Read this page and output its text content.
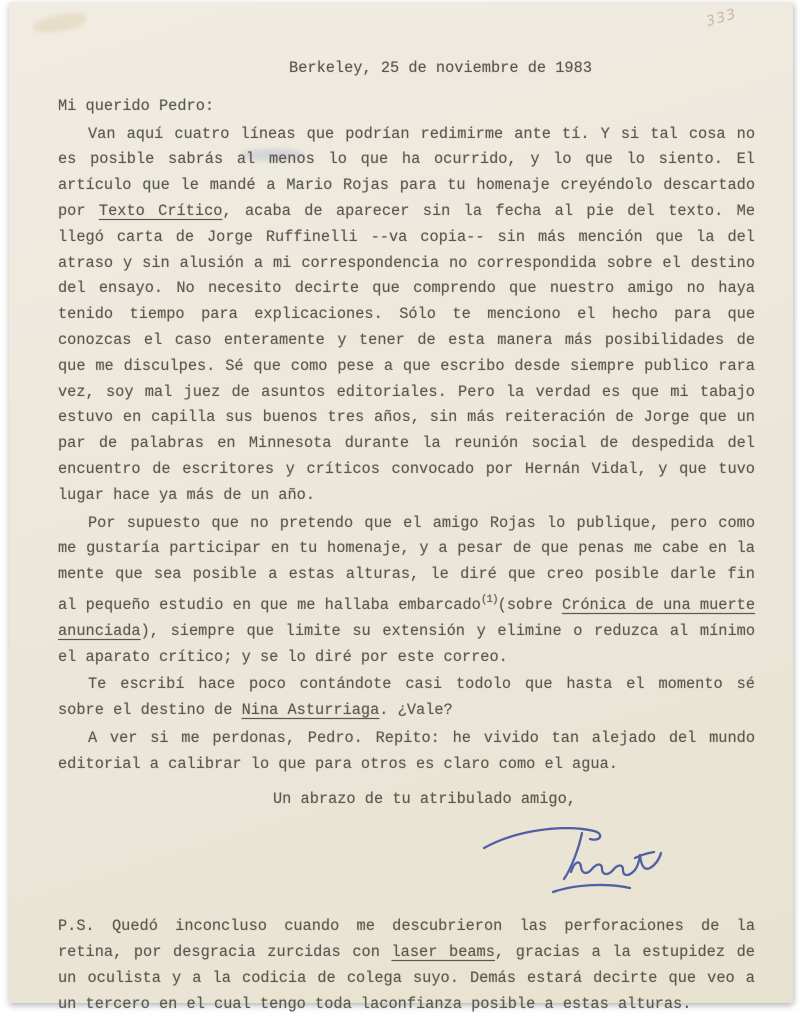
333

Berkeley, 25 de noviembre de 1983

Mi querido Pedro:

Van aquí cuatro líneas que podrían redimirme ante tí. Y si tal cosa no es posible sabrás al menos lo que ha ocurrido, y lo que lo siento. El artículo que le mandé a Mario Rojas para tu homenaje creyéndolo descartado por Texto Crítico, acaba de aparecer sin la fecha al pie del texto. Me llegó carta de Jorge Ruffinelli --va copia-- sin más mención que la del atraso y sin alusión a mi correspondencia no correspondida sobre el destino del ensayo. No necesito decirte que comprendo que nuestro amigo no haya tenido tiempo para explicaciones. Sólo te menciono el hecho para que conozcas el caso enteramente y tener de esta manera más posibilidades de que me disculpes. Sé que como pese a que escribo desde siempre publico rara vez, soy mal juez de asuntos editoriales. Pero la verdad es que mi tabajo estuvo en capilla sus buenos tres años, sin más reiteración de Jorge que un par de palabras en Minnesota durante la reunión social de despedida del encuentro de escritores y críticos convocado por Hernán Vidal, y que tuvo lugar hace ya más de un año.

Por supuesto que no pretendo que el amigo Rojas lo publique, pero como me gustaría participar en tu homenaje, y a pesar de que penas me cabe en la mente que sea posible a estas alturas, le diré que creo posible darle fin al pequeño estudio en que me hallaba embarcado$^{(1)}$(sobre Crónica de una muerte anunciada), siempre que limite su extensión y elimine o reduzca al mínimo el aparato crítico; y se lo diré por este correo.

Te escribí hace poco contándote casi todolo que hasta el momento sé sobre el destino de Nina Asturriaga. ¿Vale?

A ver si me perdonas, Pedro. Repito: he vivido tan alejado del mundo editorial a calibrar lo que para otros es claro como el agua.

Un abrazo de tu atribulado amigo,

P.S. Quedó inconcluso cuando me descubrieron las perforaciones de la retina, por desgracia zurcidas con laser beams, gracias a la estupidez de un oculista y a la codicia de colega suyo. Demás estará decirte que veo a un tercero en el cual tengo toda laconfianza posible a estas alturas.
